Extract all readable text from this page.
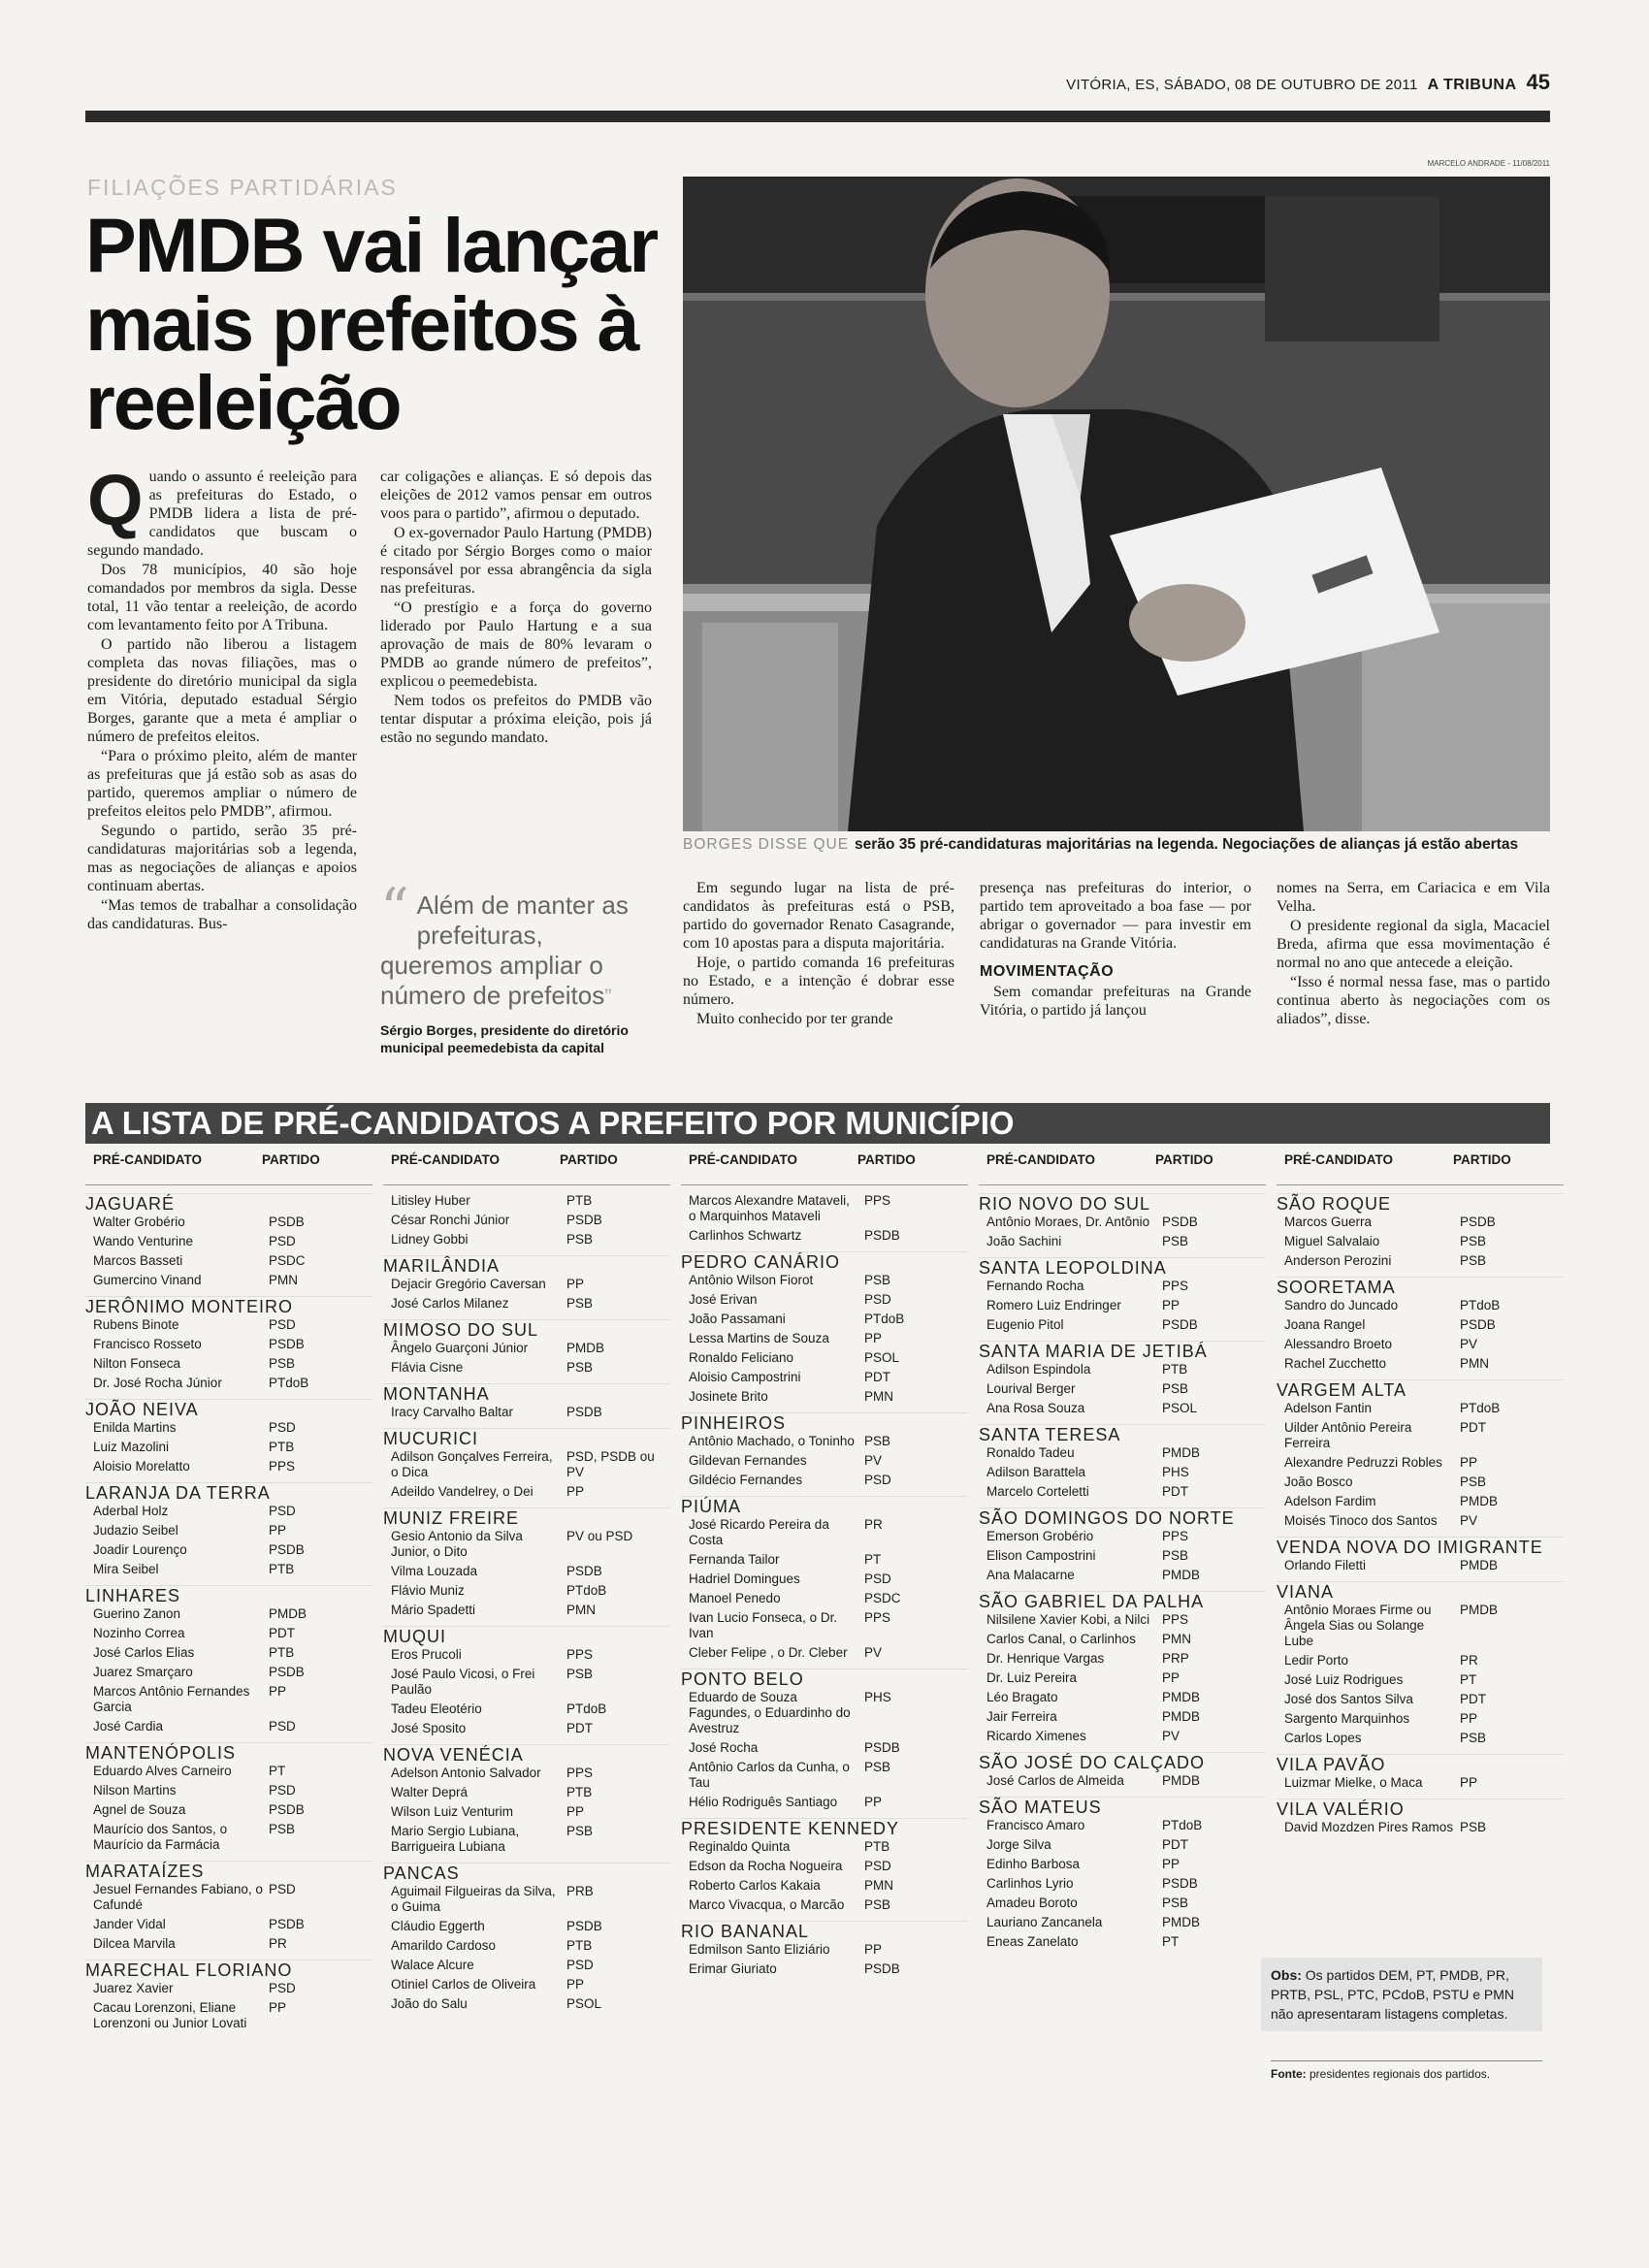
VITÓRIA, ES, SÁBADO, 08 DE OUTUBRO DE 2011 A TRIBUNA 45
FILIAÇÕES PARTIDÁRIAS
PMDB vai lançar mais prefeitos à reeleição
MARCELO ANDRADE - 11/08/2011
BORGES DISSE QUE serão 35 pré-candidaturas majoritárias na legenda. Negociações de alianças já estão abertas

Quando o assunto é reeleição para as prefeituras do Estado, o PMDB lidera a lista de pré-candidatos que buscam o segundo mandado.

Dos 78 municípios, 40 são hoje comandados por membros da sigla. Desse total, 11 vão tentar a reeleição, de acordo com levantamento feito por A Tribuna.

O partido não liberou a listagem completa das novas filiações, mas o presidente do diretório municipal da sigla em Vitória, deputado estadual Sérgio Borges, garante que a meta é ampliar o número de prefeitos eleitos.

“Para o próximo pleito, além de manter as prefeituras que já estão sob as asas do partido, queremos ampliar o número de prefeitos eleitos pelo PMDB”, afirmou.

Segundo o partido, serão 35 pré-candidaturas majoritárias sob a legenda, mas as negociações de alianças e apoios continuam abertas.

“Mas temos de trabalhar a consolidação das candidaturas. Bus-

car coligações e alianças. E só depois das eleições de 2012 vamos pensar em outros voos para o partido”, afirmou o deputado.

O ex-governador Paulo Hartung (PMDB) é citado por Sérgio Borges como o maior responsável por essa abrangência da sigla nas prefeituras.

“O prestígio e a força do governo liderado por Paulo Hartung e a sua aprovação de mais de 80% levaram o PMDB ao grande número de prefeitos”, explicou o peemedebista.

Nem todos os prefeitos do PMDB vão tentar disputar a próxima eleição, pois já estão no segundo mandato.

“ Além de manter as prefeituras, queremos ampliar o número de prefeitos”
Sérgio Borges, presidente do diretório municipal peemedebista da capital

Em segundo lugar na lista de pré-candidatos às prefeituras está o PSB, partido do governador Renato Casagrande, com 10 apostas para a disputa majoritária.

Hoje, o partido comanda 16 prefeituras no Estado, e a intenção é dobrar esse número.

Muito conhecido por ter grande

presença nas prefeituras do interior, o partido tem aproveitado a boa fase — por abrigar o governador — para investir em candidaturas na Grande Vitória.

MOVIMENTAÇÃO

Sem comandar prefeituras na Grande Vitória, o partido já lançou

nomes na Serra, em Cariacica e em Vila Velha.

O presidente regional da sigla, Macaciel Breda, afirma que essa movimentação é normal no ano que antecede a eleição.

“Isso é normal nessa fase, mas o partido continua aberto às negociações com os aliados”, disse.

A LISTA DE PRÉ-CANDIDATOS A PREFEITO POR MUNICÍPIO
PRÉ-CANDIDATO	PARTIDO
JAGUARÉ
Walter Grobério	PSDB
Wando Venturine	PSD
Marcos Basseti	PSDC
Gumercino Vinand	PMN
JERÔNIMO MONTEIRO
Rubens Binote	PSD
Francisco Rosseto	PSDB
Nilton Fonseca	PSB
Dr. José Rocha Júnior	PTdoB
JOÃO NEIVA
Enilda Martins	PSD
Luiz Mazolini	PTB
Aloisio Morelatto	PPS
LARANJA DA TERRA
Aderbal Holz	PSD
Judazio Seibel	PP
Joadir Lourenço	PSDB
Mira Seibel	PTB
LINHARES
Guerino Zanon	PMDB
Nozinho Correa	PDT
José Carlos Elias	PTB
Juarez Smarçaro	PSDB
Marcos Antônio Fernandes Garcia
PP
José Cardia	PSD
MANTENÓPOLIS
Eduardo Alves Carneiro	PT
Nilson Martins	PSD
Agnel de Souza	PSDB
Maurício dos Santos, o Maurício da Farmácia
PSB
MARATAÍZES
Jesuel Fernandes Fabiano, o Cafundé
PSD
Jander Vidal	PSDB
Dilcea Marvila	PR
MARECHAL FLORIANO
Juarez Xavier	PSD
Cacau Lorenzoni, Eliane Lorenzoni ou Junior Lovati
PP
PRÉ-CANDIDATO	PARTIDO
Litisley Huber	PTB
César Ronchi Júnior	PSDB
Lidney Gobbi	PSB
MARILÂNDIA
Dejacir Gregório Caversan	PP
José Carlos Milanez	PSB
MIMOSO DO SUL
Ângelo Guarçoni Júnior	PMDB
Flávia Cisne	PSB
MONTANHA
Iracy Carvalho Baltar	PSDB
MUCURICI
Adilson Gonçalves Ferreira, o Dica
PSD, PSDB ou PV
Adeildo Vandelrey, o Dei	PP
MUNIZ FREIRE
Gesio Antonio da Silva Junior, o Dito
PV ou PSD
Vilma Louzada	PSDB
Flávio Muniz	PTdoB
Mário Spadetti	PMN
MUQUI
Eros Prucoli	PPS
José Paulo Vicosi, o Frei Paulão
PSB
Tadeu Eleotério	PTdoB
José Sposito	PDT
NOVA VENÉCIA
Adelson Antonio Salvador	PPS
Walter Deprá	PTB
Wilson Luiz Venturim	PP
Mario Sergio Lubiana, Barrigueira Lubiana
PSB
PANCAS
Aguimail Filgueiras da Silva, o Guima
PRB
Cláudio Eggerth	PSDB
Amarildo Cardoso	PTB
Walace Alcure	PSD
Otiniel Carlos de Oliveira	PP
João do Salu	PSOL
PRÉ-CANDIDATO	PARTIDO
Marcos Alexandre Mataveli, o Marquinhos Mataveli
PPS
Carlinhos Schwartz	PSDB
PEDRO CANÁRIO
Antônio Wilson Fiorot	PSB
José Erivan	PSD
João Passamani	PTdoB
Lessa Martins de Souza	PP
Ronaldo Feliciano	PSOL
Aloisio Campostrini	PDT
Josinete Brito	PMN
PINHEIROS
Antônio Machado, o Toninho PSB
Gildevan Fernandes	PV
Gildécio Fernandes	PSD
PIÚMA
José Ricardo Pereira da Costa
PR
Fernanda Tailor	PT
Hadriel Domingues	PSD
Manoel Penedo	PSDC
Ivan Lucio Fonseca, o Dr. Ivan
PPS
Cleber Felipe , o Dr. Cleber	PV
PONTO BELO
Eduardo de Souza Fagundes, o Eduardinho do Avestruz
PHS
José Rocha	PSDB
Antônio Carlos da Cunha, o Tau
PSB
Hélio Rodriguês Santiago	PP
PRESIDENTE KENNEDY
Reginaldo Quinta	PTB
Edson da Rocha Nogueira	PSD
Roberto Carlos Kakaia	PMN
Marco Vivacqua, o Marcão	PSB
RIO BANANAL
Edmilson Santo Eliziário	PP
Erimar Giuriato	PSDB
PRÉ-CANDIDATO	PARTIDO
RIO NOVO DO SUL
Antônio Moraes, Dr. Antônio PSDB
João Sachini	PSB
SANTA LEOPOLDINA
Fernando Rocha	PPS
Romero Luiz Endringer	PP
Eugenio Pitol	PSDB
SANTA MARIA DE JETIBÁ
Adilson Espindola	PTB
Lourival Berger	PSB
Ana Rosa Souza	PSOL
SANTA TERESA
Ronaldo Tadeu	PMDB
Adilson Barattela	PHS
Marcelo Corteletti	PDT
SÃO DOMINGOS DO NORTE
Emerson Grobério	PPS
Elison Campostrini	PSB
Ana Malacarne	PMDB
SÃO GABRIEL DA PALHA
Nilsilene Xavier Kobi, a Nilci PPS
Carlos Canal, o Carlinhos	PMN
Dr. Henrique Vargas	PRP
Dr. Luiz Pereira	PP
Léo Bragato	PMDB
Jair Ferreira	PMDB
Ricardo Ximenes	PV
SÃO JOSÉ DO CALÇADO
José Carlos de Almeida	PMDB
SÃO MATEUS
Francisco Amaro	PTdoB
Jorge Silva	PDT
Edinho Barbosa	PP
Carlinhos Lyrio	PSDB
Amadeu Boroto	PSB
Lauriano Zancanela	PMDB
Eneas Zanelato	PT
PRÉ-CANDIDATO	PARTIDO
SÃO ROQUE
Marcos Guerra	PSDB
Miguel Salvalaio	PSB
Anderson Perozini	PSB
SOORETAMA
Sandro do Juncado	PTdoB
Joana Rangel	PSDB
Alessandro Broeto	PV
Rachel Zucchetto	PMN
VARGEM ALTA
Adelson Fantin	PTdoB
Uilder Antônio Pereira Ferreira
PDT
Alexandre Pedruzzi Robles	PP
João Bosco	PSB
Adelson Fardim	PMDB
Moisés Tinoco dos Santos	PV
VENDA NOVA DO IMIGRANTE
Orlando Filetti	PMDB
VIANA
Antônio Moraes Firme ou Ângela Sias ou Solange Lube
PMDB
Ledir Porto	PR
José Luiz Rodrigues	PT
José dos Santos Silva	PDT
Sargento Marquinhos	PP
Carlos Lopes	PSB
VILA PAVÃO
Luizmar Mielke, o Maca	PP
VILA VALÉRIO
David Mozdzen Pires Ramos PSB
Obs: Os partidos DEM, PT, PMDB, PR, PRTB, PSL, PTC, PCdoB, PSTU e PMN não apresentaram listagens completas.
Fonte: presidentes regionais dos partidos.
